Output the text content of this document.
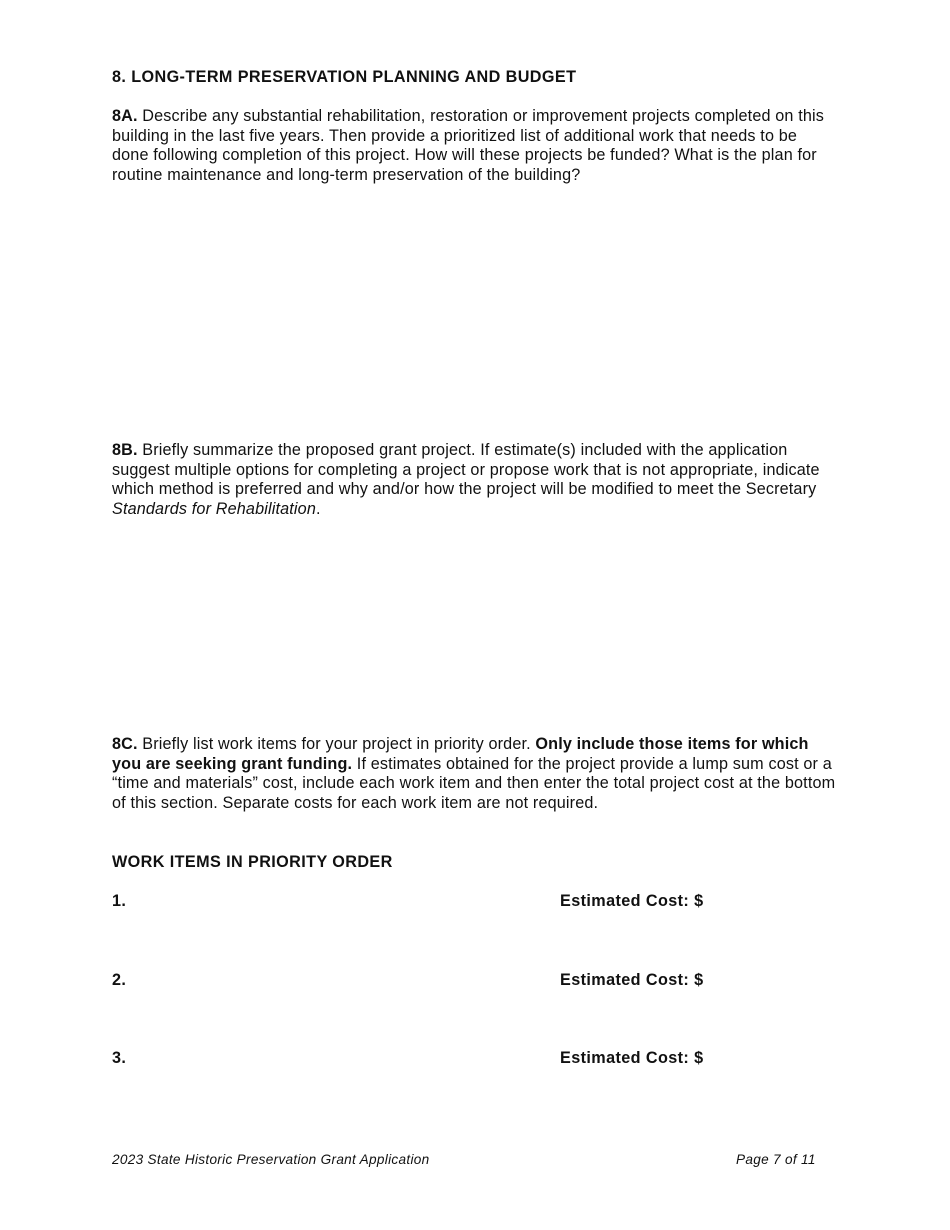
8. LONG-TERM PRESERVATION PLANNING AND BUDGET
8A. Describe any substantial rehabilitation, restoration or improvement projects completed on this building in the last five years. Then provide a prioritized list of additional work that needs to be done following completion of this project. How will these projects be funded? What is the plan for routine maintenance and long-term preservation of the building?
8B. Briefly summarize the proposed grant project. If estimate(s) included with the application suggest multiple options for completing a project or propose work that is not appropriate, indicate which method is preferred and why and/or how the project will be modified to meet the Secretary Standards for Rehabilitation.
8C. Briefly list work items for your project in priority order. Only include those items for which you are seeking grant funding. If estimates obtained for the project provide a lump sum cost or a “time and materials” cost, include each work item and then enter the total project cost at the bottom of this section. Separate costs for each work item are not required.
WORK ITEMS IN PRIORITY ORDER
1.	Estimated Cost: $
2.	Estimated Cost: $
3.	Estimated Cost: $
2023 State Historic Preservation Grant Application	Page 7 of 11
